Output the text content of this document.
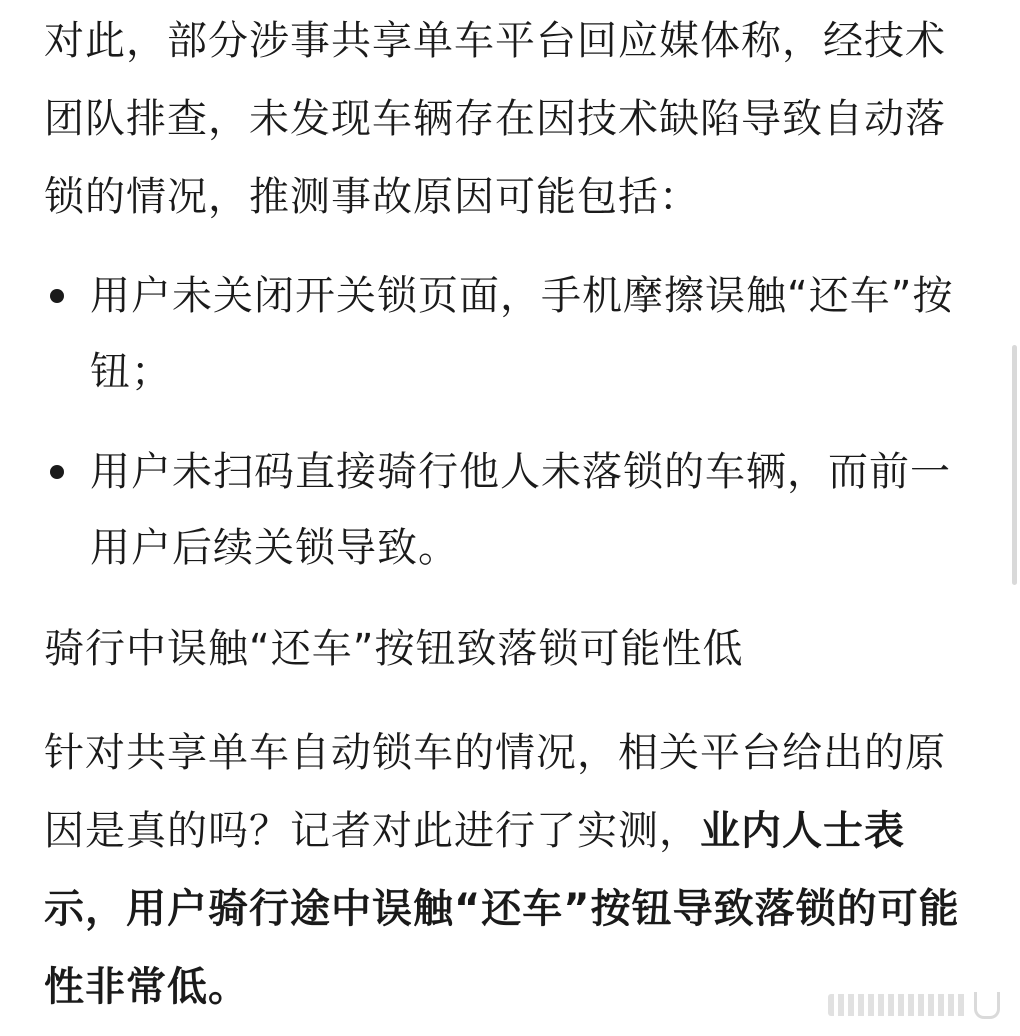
对此，部分涉事共享单车平台回应媒体称，经技术团队排查，未发现车辆存在因技术缺陷导致自动落锁的情况，推测事故原因可能包括：

用户未关闭开关锁页面，手机摩擦误触“还车”按钮；
用户未扫码直接骑行他人未落锁的车辆，而前一用户后续关锁导致。
骑行中误触“还车”按钮致落锁可能性低

针对共享单车自动锁车的情况，相关平台给出的原因是真的吗？记者对此进行了实测，业内人士表示，用户骑行途中误触“还车”按钮导致落锁的可能性非常低。
